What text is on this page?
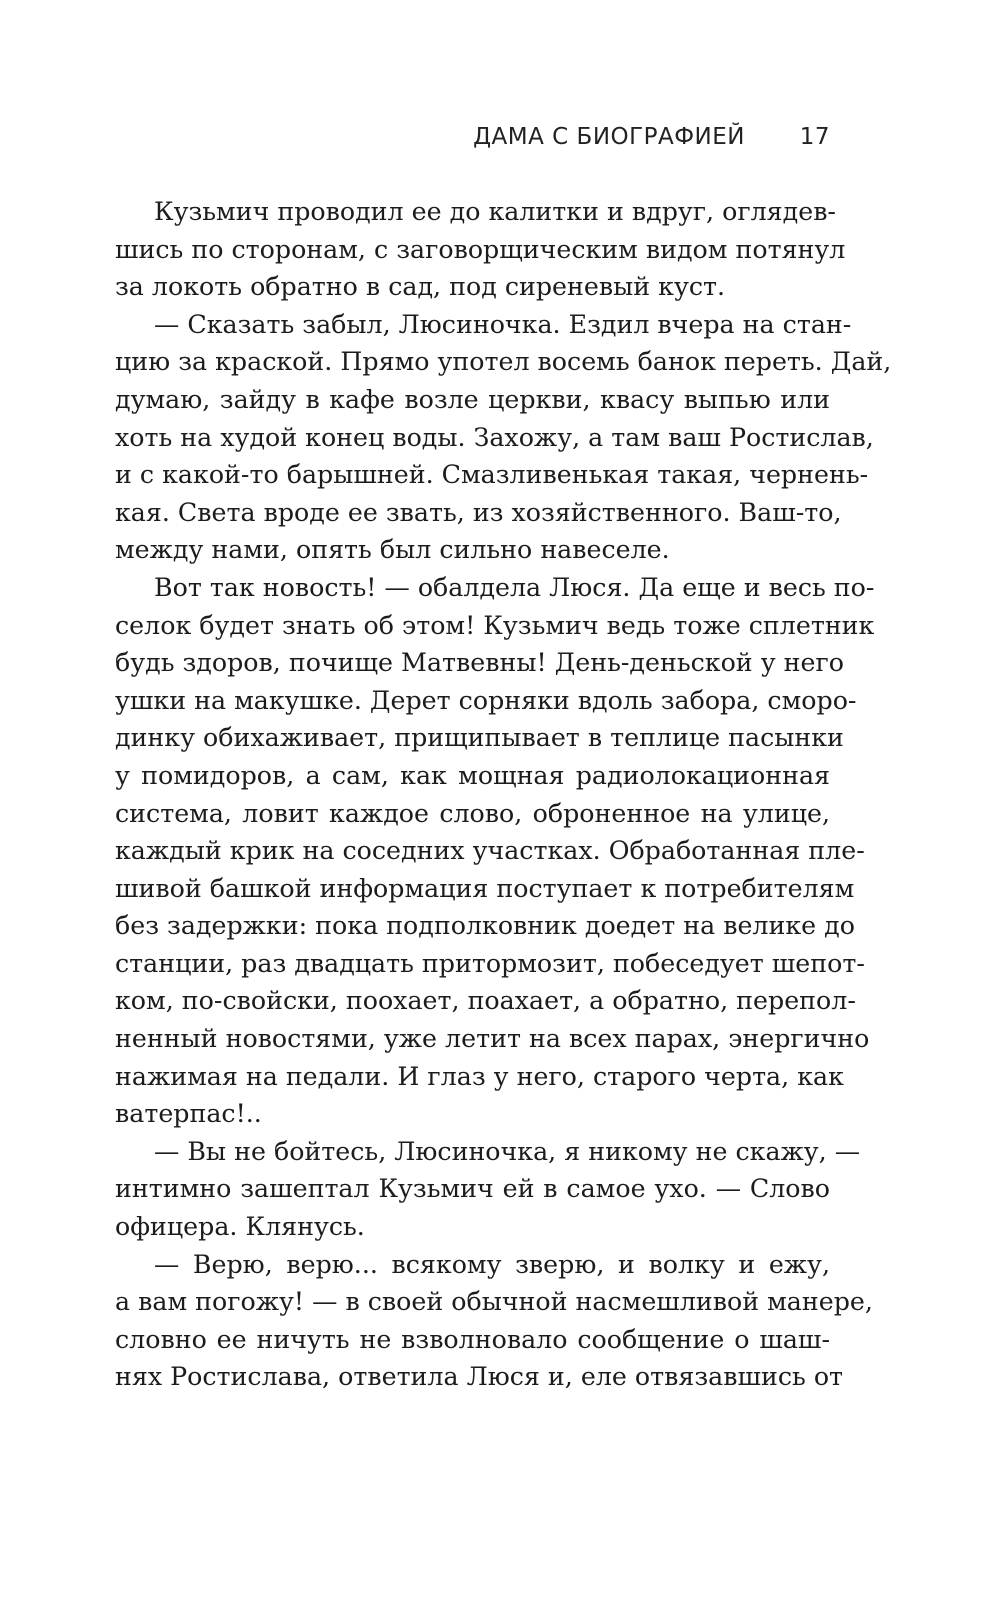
ДАМА С БИОГРАФИЕЙ 17
Кузьмич проводил ее до калитки и вдруг, оглядев-
шись по сторонам, с заговорщическим видом потянул
за локоть обратно в сад, под сиреневый куст.
— Сказать забыл, Люсиночка. Ездил вчера на стан-
цию за краской. Прямо употел восемь банок переть. Дай,
думаю, зайду в кафе возле церкви, квасу выпью или
хоть на худой конец воды. Захожу, а там ваш Ростислав,
и с какой-то барышней. Смазливенькая такая, чернень-
кая. Света вроде ее звать, из хозяйственного. Ваш-то,
между нами, опять был сильно навеселе.
Вот так новость! — обалдела Люся. Да еще и весь по-
селок будет знать об этом! Кузьмич ведь тоже сплетник
будь здоров, почище Матвевны! День-деньской у него
ушки на макушке. Дерет сорняки вдоль забора, сморо-
динку обихаживает, прищипывает в теплице пасынки
у помидоров, а сам, как мощная радиолокационная
система, ловит каждое слово, оброненное на улице,
каждый крик на соседних участках. Обработанная пле-
шивой башкой информация поступает к потребителям
без задержки: пока подполковник доедет на велике до
станции, раз двадцать притормозит, побеседует шепот-
ком, по-свойски, поохает, поахает, а обратно, перепол-
ненный новостями, уже летит на всех парах, энергично
нажимая на педали. И глаз у него, старого черта, как
ватерпас!..
— Вы не бойтесь, Люсиночка, я никому не скажу, —
интимно зашептал Кузьмич ей в самое ухо. — Слово
офицера. Клянусь.
— Верю, верю... всякому зверю, и волку и ежу,
а вам погожу! — в своей обычной насмешливой манере,
словно ее ничуть не взволновало сообщение о шаш-
нях Ростислава, ответила Люся и, еле отвязавшись от
